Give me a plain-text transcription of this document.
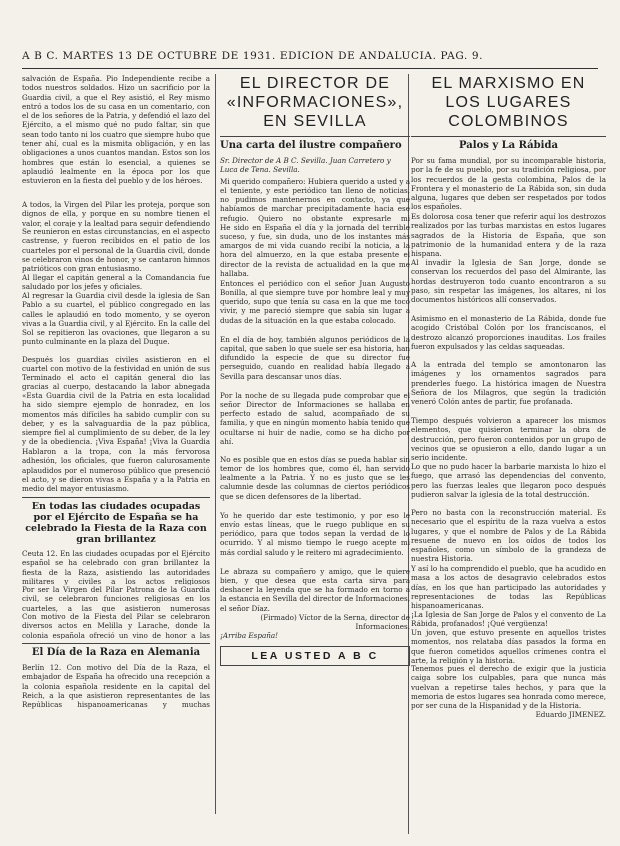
A B C. MARTES 13 DE OCTUBRE DE 1931. EDICION DE ANDALUCIA. PAG. 9.

salvación de España. Pio Independiente recibe a todos nuestros soldados. Hizo un sacrificio por la Guardia civil, a que el Rey asistió, el Rey mismo entró a todos los de su casa en un comentario, con el de los señores de la Patria, y defendió el lazo del Ejército, a el mismo qué no pudo faltar, sin que sean todo tanto ni los cuatro que siempre hubo que tener ahí, cual es la mismita obligación, y en las obligaciones a unos cuantos mandan. Estos son los hombres que están lo esencial, a quienes se aplaudió lealmente en la época por los que estuvieron en la fiesta del pueblo y de los héroes.

A todos, la Virgen del Pilar les proteja, porque son dignos de ella, y porque en su nombre tienen el valor, el coraje y la lealtad para seguir defendiendo

Se reunieron en estas circunstancias, en el aspecto castrense, y fueron recibidos en el patio de los cuarteles por el personal de la Guardia civil, donde se celebraron vinos de honor, y se cantaron himnos patrióticos con gran entusiasmo.

Al llegar el capitán general a la Comandancia fue saludado por los jefes y oficiales.

Al regresar la Guardia civil desde la iglesia de San Pablo a su cuartel, el público congregado en las calles le aplaudió en todo momento, y se oyeron vivas a la Guardia civil, y al Ejército. En la calle del Sol se repitieron las ovaciones, que llegaron a su punto culminante en la plaza del Duque.

Después los guardias civiles asistieron en el cuartel con motivo de la festividad en unión de sus

Terminado el acto el capitán general dio las gracias al cuerpo, destacando la labor abnegada

«Esta Guardia civil de la Patria en esta localidad ha sido siempre ejemplo de honradez, en los momentos más difíciles ha sabido cumplir con su deber, y es la salvaguardia de la paz pública, siempre fiel al cumplimiento de su deber, de la ley y de la obediencia. ¡Viva España! ¡Viva la Guardia

Hablaron a la tropa, con la más fervorosa adhesión, los oficiales, que fueron calurosamente aplaudidos por el numeroso público que presenció el acto, y se dieron vivas a España y a la Patria en medio del mayor entusiasmo.

En todas las ciudades ocupadas por el Ejército de España se ha celebrado la Fiesta de la Raza con gran brillantez

Ceuta 12. En las ciudades ocupadas por el Ejército español se ha celebrado con gran brillantez la fiesta de la Raza, asistiendo las autoridades militares y civiles a los actos religiosos

Por ser la Virgen del Pilar Patrona de la Guardia civil, se celebraron funciones religiosas en los cuarteles, a las que asistieron numerosas

Con motivo de la Fiesta del Pilar se celebraron diversos actos en Melilla y Larache, donde la colonia española ofreció un vino de honor a las

El Día de la Raza en Alemania

Berlín 12. Con motivo del Día de la Raza, el embajador de España ha ofrecido una recepción a la colonia española residente en la capital del Reich, a la que asistieron representantes de las Repúblicas hispanoamericanas y muchas

EL DIRECTOR DE «INFORMACIONES», EN SEVILLA
Una carta del ilustre compañero

Sr. Director de A B C. Sevilla. Juan Carretero y Luca de Tena. Sevilla.

Mi querido compañero: Hubiera querido a usted y a el teniente, y este periódico tan lleno de noticias, no pudimos mantenernos en contacto, ya que habíamos de marchar precipitadamente hacia ese refugio. Quiero no obstante expresarle mi

He sido en España el día y la jornada del terrible suceso, y fue, sin duda, uno de los instantes más amargos de mi vida cuando recibí la noticia, a la hora del almuerzo, en la que estaba presente el director de la revista de actualidad en la que me hallaba.

Entonces el periódico con el señor Juan Augusto Bonilla, al que siempre tuve por hombre leal y muy querido, supo que tenía su casa en la que me tocó vivir, y me pareció siempre que sabía sin lugar a dudas de la situación en la que estaba colocado.

En el día de hoy, también algunos periódicos de la capital, que saben lo que suele ser esa historia, han difundido la especie de que su director fue perseguido, cuando en realidad había llegado a Sevilla para descansar unos días.

Por la noche de su llegada pude comprobar que el señor Director de Informaciones se hallaba en perfecto estado de salud, acompañado de su familia, y que en ningún momento había tenido que ocultarse ni huir de nadie, como se ha dicho por ahí.

No es posible que en estos días se pueda hablar sin temor de los hombres que, como él, han servido lealmente a la Patria. Y no es justo que se les calumnie desde las columnas de ciertos periódicos que se dicen defensores de la libertad.

Yo he querido dar este testimonio, y por eso le envío estas líneas, que le ruego publique en su periódico, para que todos sepan la verdad de lo ocurrido. Y al mismo tiempo le ruego acepte mi más cordial saludo y le reitero mi agradecimiento.

Le abraza su compañero y amigo, que le quiere bien, y que desea que esta carta sirva para deshacer la leyenda que se ha formado en torno a la estancia en Sevilla del director de Informaciones, el señor Díaz.

(Firmado) Víctor de la Serna, director de Informaciones.

¡Arriba España!

LEA USTED A B C
EL MARXISMO EN LOS LUGARES COLOMBINOS
Palos y La Rábida

Por su fama mundial, por su incomparable historia, por la fe de su pueblo, por su tradición religiosa, por los recuerdos de la gesta colombina, Palos de la Frontera y el monasterio de La Rábida son, sin duda alguna, lugares que deben ser respetados por todos los españoles.

Es dolorosa cosa tener que referir aquí los destrozos realizados por las turbas marxistas en estos lugares sagrados de la Historia de España, que son patrimonio de la humanidad entera y de la raza hispana.

Al invadir la Iglesia de San Jorge, donde se conservan los recuerdos del paso del Almirante, las hordas destruyeron todo cuanto encontraron a su paso, sin respetar las imágenes, los altares, ni los documentos históricos allí conservados.

Asimismo en el monasterio de La Rábida, donde fue acogido Cristóbal Colón por los franciscanos, el destrozo alcanzó proporciones inauditas. Los frailes fueron expulsados y las celdas saqueadas.

A la entrada del templo se amontonaron las imágenes y los ornamentos sagrados para prenderles fuego. La histórica imagen de Nuestra Señora de los Milagros, que según la tradición veneró Colón antes de partir, fue profanada.

Tiempo después volvieron a aparecer los mismos elementos, que quisieron terminar la obra de destrucción, pero fueron contenidos por un grupo de vecinos que se opusieron a ello, dando lugar a un serio incidente.

Lo que no pudo hacer la barbarie marxista lo hizo el fuego, que arrasó las dependencias del convento, pero las fuerzas leales que llegaron poco después pudieron salvar la iglesia de la total destrucción.

Pero no basta con la reconstrucción material. Es necesario que el espíritu de la raza vuelva a estos lugares, y que el nombre de Palos y de La Rábida resuene de nuevo en los oídos de todos los españoles, como un símbolo de la grandeza de nuestra Historia.

Y así lo ha comprendido el pueblo, que ha acudido en masa a los actos de desagravio celebrados estos días, en los que han participado las autoridades y representaciones de todas las Repúblicas hispanoamericanas.

¡La Iglesia de San Jorge de Palos y el convento de La Rábida, profanados! ¡Qué vergüenza!

Un joven, que estuvo presente en aquellos tristes momentos, nos relataba días pasados la forma en que fueron cometidos aquellos crímenes contra el arte, la religión y la historia.

Tenemos pues el derecho de exigir que la justicia caiga sobre los culpables, para que nunca más vuelvan a repetirse tales hechos, y para que la memoria de estos lugares sea honrada como merece, por ser cuna de la Hispanidad y de la Historia.

Eduardo JIMENEZ.
